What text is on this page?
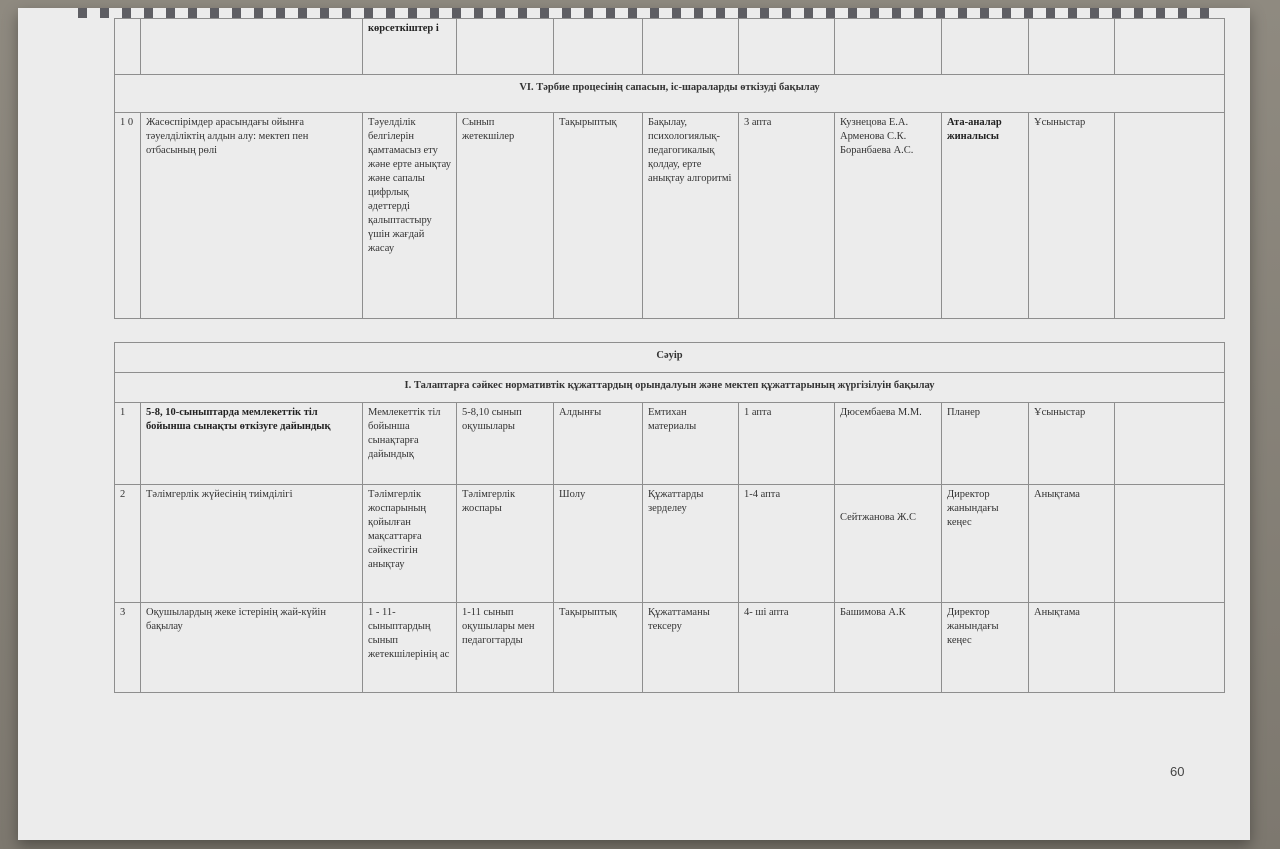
		көрсеткіштер і								
VI. Тәрбие процесінің сапасын, іс-шараларды өткізуді бақылау										
1 0	Жасөспірімдер арасындағы ойынға тәуелділіктің алдын алу: мектеп пен отбасының рөлі	Тәуелділік белгілерін қамтамасыз ету және ерте анықтау және сапалы цифрлық әдеттерді қалыптастыру үшін жағдай жасау	Сынып жетекшілер	Тақырыптық	Бақылау, психологиялық-педагогикалық қолдау, ерте анықтау алгоритмі	3 апта	Кузнецова Е.А. Арменова С.К. Боранбаева А.С.	Ата-аналар жиналысы	Ұсыныстар	
Сәуір										
I. Талаптарға сәйкес нормативтік құжаттардың орындалуын және мектеп құжаттарының жүргізілуін бақылау										
1	5-8, 10-сыныптарда мемлекеттік тіл бойынша сынақты өткізуге дайындық	Мемлекеттік тіл бойынша сынақтарға дайындық	5-8,10 сынып оқушылары	Алдынғы	Емтихан материалы	1 апта	Дюсембаева М.М.	Планер	Ұсыныстар	
2	Тәлімгерлік жүйесінің тиімділігі	Тәлімгерлік жоспарының қойылған мақсаттарға сәйкестігін анықтау	Тәлімгерлік жоспары	Шолу	Құжаттарды зерделеу	1-4 апта	Сейтжанова Ж.С	Директор жанындағы кеңес	Анықтама	
3	Оқушылардың жеке істерінің жай-күйін бақылау	1 - 11-сыныптардың сынып жетекшілерінің ас	1-11 сынып оқушылары мен педагогтарды	Тақырыптық	Құжаттаманы тексеру	4- ші апта	Башимова А.К	Директор жанындағы кеңес	Анықтама	
60
